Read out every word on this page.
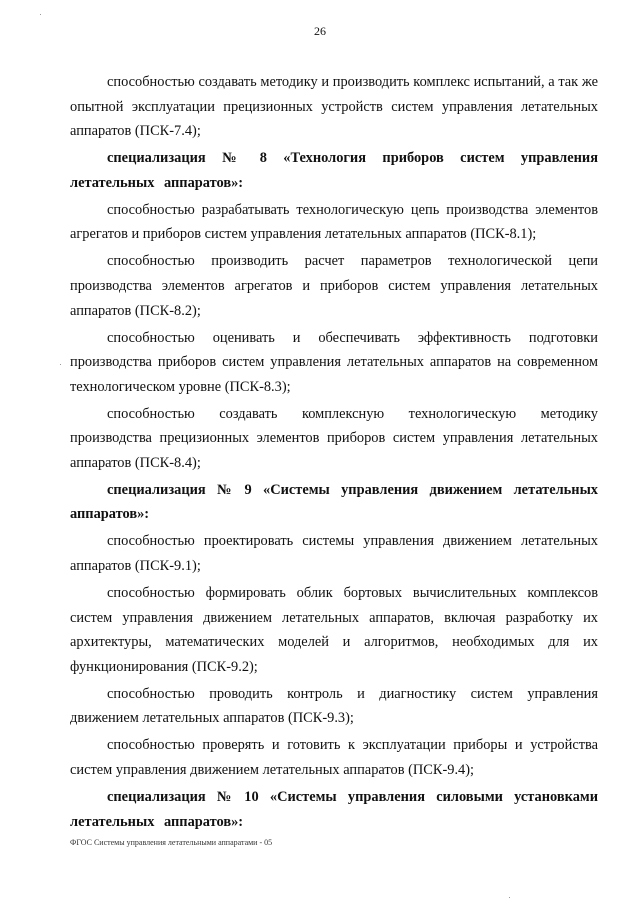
26

способностью создавать методику и производить комплекс испытаний, а так же опытной эксплуатации прецизионных устройств систем управления летательных аппаратов (ПСК-7.4);

специализация № 8 «Технология приборов систем управления летательных аппаратов»:

способностью разрабатывать технологическую цепь производства элементов агрегатов и приборов систем управления летательных аппаратов (ПСК-8.1);

способностью производить расчет параметров технологической цепи производства элементов агрегатов и приборов систем управления летательных аппаратов (ПСК-8.2);

способностью оценивать и обеспечивать эффективность подготовки производства приборов систем управления летательных аппаратов на современном технологическом уровне (ПСК-8.3);

способностью создавать комплексную технологическую методику производства прецизионных элементов приборов систем управления летательных аппаратов (ПСК-8.4);

специализация № 9 «Системы управления движением летательных аппаратов»:

способностью проектировать системы управления движением летательных аппаратов (ПСК-9.1);

способностью формировать облик бортовых вычислительных комплексов систем управления движением летательных аппаратов, включая разработку их архитектуры, математических моделей и алгоритмов, необходимых для их функционирования (ПСК-9.2);

способностью проводить контроль и диагностику систем управления движением летательных аппаратов (ПСК-9.3);

способностью проверять и готовить к эксплуатации приборы и устройства систем управления движением летательных аппаратов (ПСК-9.4);

специализация № 10 «Системы управления силовыми установками летательных аппаратов»:

ФГОС Системы управления летательными аппаратами - 05
